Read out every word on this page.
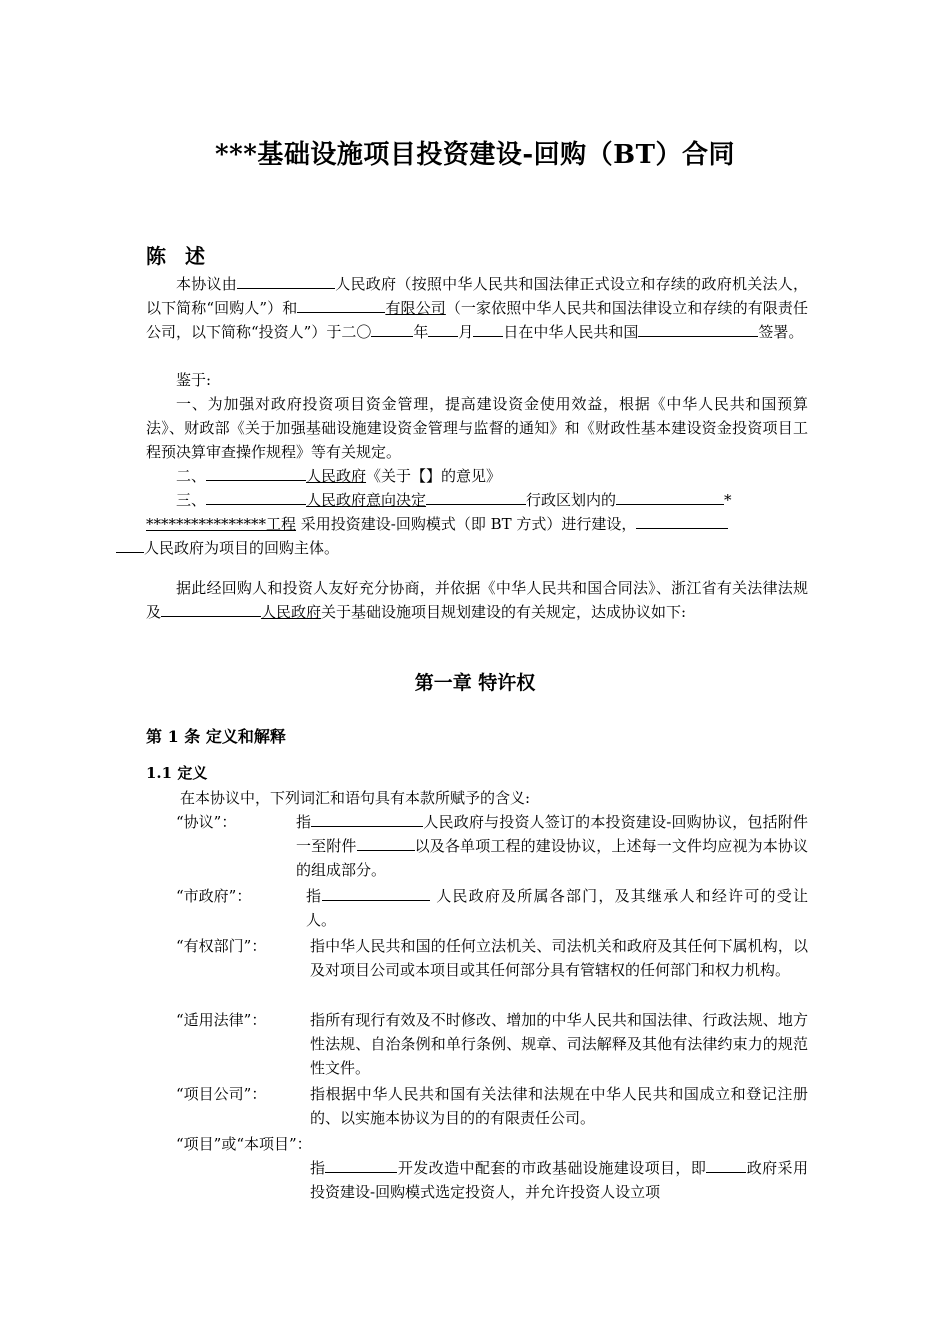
***基础设施项目投资建设-回购（BT）合同
陈 述
本协议由	人民政府（按照中华人民共和国法律正式设立和存续的政府机关法人，以下简称“回购人”）和	有限公司（一家依照中华人民共和国法律设立和存续的有限责任公司，以下简称“投资人”）于二〇	年 月 日在中华人民共和国	签署。
鉴于:
一、为加强对政府投资项目资金管理，提高建设资金使用效益，根据《中华人民共和国预算法》、财政部《关于加强基础设施建设资金管理与监督的通知》和《财政性基本建设资金投资项目工程预决算审查操作规程》等有关规定。
二、	人民政府《关于【】的意见》
三、	人民政府意向决定	行政区划内的	*
****************工程 采用投资建设-回购模式（即 BT 方式）进行建设，
人民政府为项目的回购主体。
据此经回购人和投资人友好充分协商，并依据《中华人民共和国合同法》、浙江省有关法律法规及	人民政府关于基础设施项目规划建设的有关规定，达成协议如下:
第一章 特许权
第 1 条 定义和解释
1.1 定义
在本协议中，下列词汇和语句具有本款所赋予的含义:
“协议”：	指	人民政府与投资人签订的本投资建设-回购协议，包括附件一至附件	以及各单项工程的建设协议，上述每一文件均应视为本协议的组成部分。
“市政府”：	指	人民政府及所属各部门，及其继承人和经许可的受让人。
“有权部门”：	指中华人民共和国的任何立法机关、司法机关和政府及其任何下属机构，以及对项目公司或本项目或其任何部分具有管辖权的任何部门和权力机构。
“适用法律”：	指所有现行有效及不时修改、增加的中华人民共和国法律、行政法规、地方性法规、自治条例和单行条例、规章、司法解释及其他有法律约束力的规范性文件。
“项目公司”：	指根据中华人民共和国有关法律和法规在中华人民共和国成立和登记注册的、以实施本协议为目的的有限责任公司。
“项目”或“本项目”：
指	开发改造中配套的市政基础设施建设项目，即	政府采用投资建设-回购模式选定投资人，并允许投资人设立项
